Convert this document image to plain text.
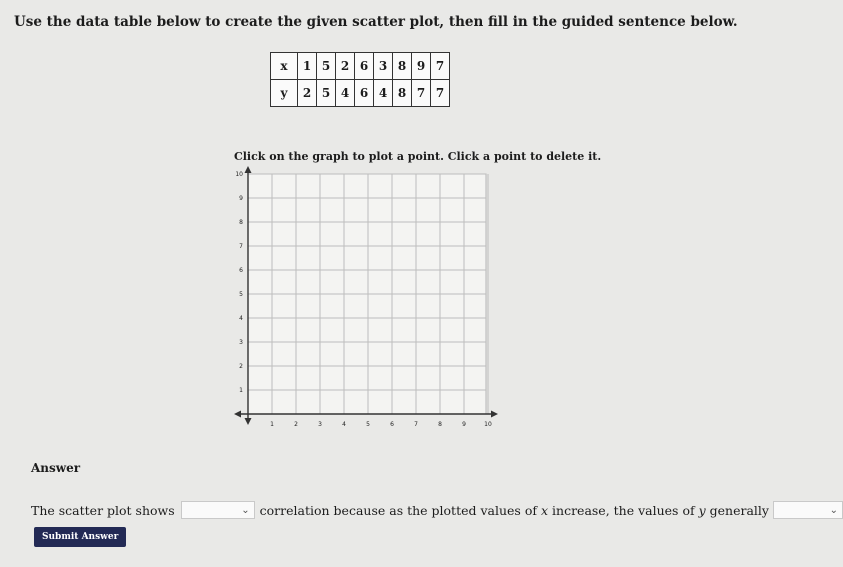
Use the data table below to create the given scatter plot, then fill in the guided sentence below.

x	1	5	2	6	3	8	9	7
y	2	5	4	6	4	8	7	7

Click on the graph to plot a point. Click a point to delete it.

1	2	3	4	5	6	7	8	9	10
1
2
3
4
5
6
7
8
9
10

Answer

The scatter plot shows	⌄ correlation because as the plotted values of
x
increase, the values of
y
generally	⌄
Submit Answer
